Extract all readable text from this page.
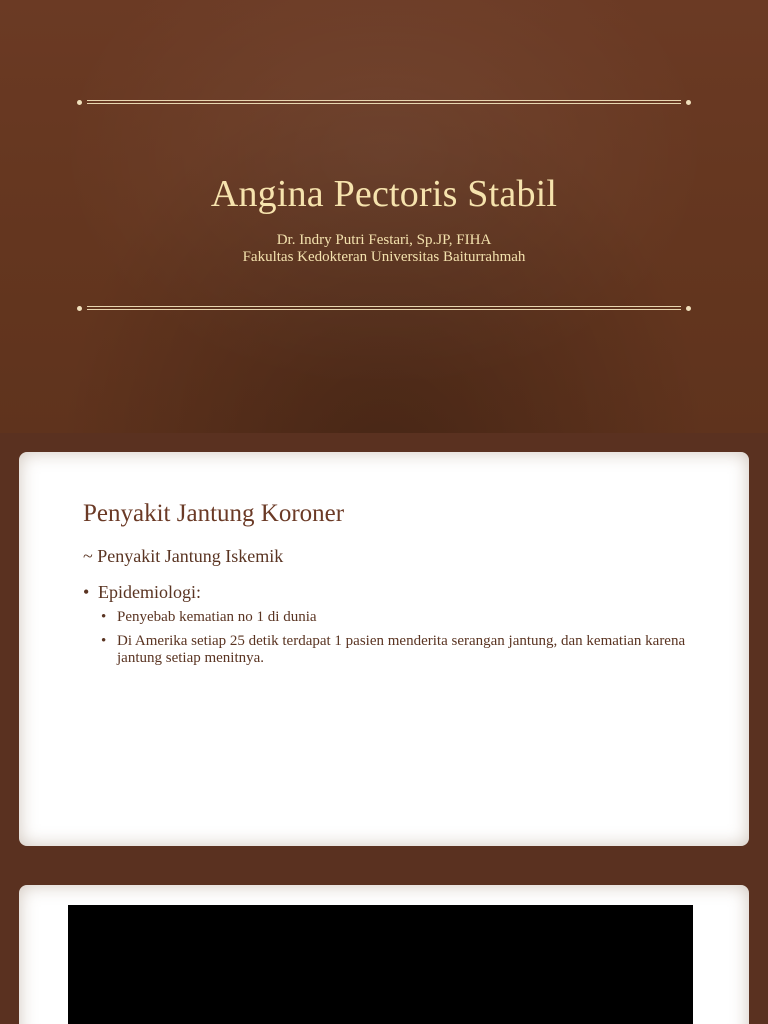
Angina Pectoris Stabil
Dr. Indry Putri Festari, Sp.JP, FIHA
Fakultas Kedokteran Universitas Baiturrahmah
Penyakit Jantung Koroner
~ Penyakit Jantung Iskemik
• Epidemiologi:
• Penyebab kematian no 1 di dunia
• Di Amerika setiap 25 detik terdapat 1 pasien menderita serangan jantung, dan kematian karena jantung setiap menitnya.
